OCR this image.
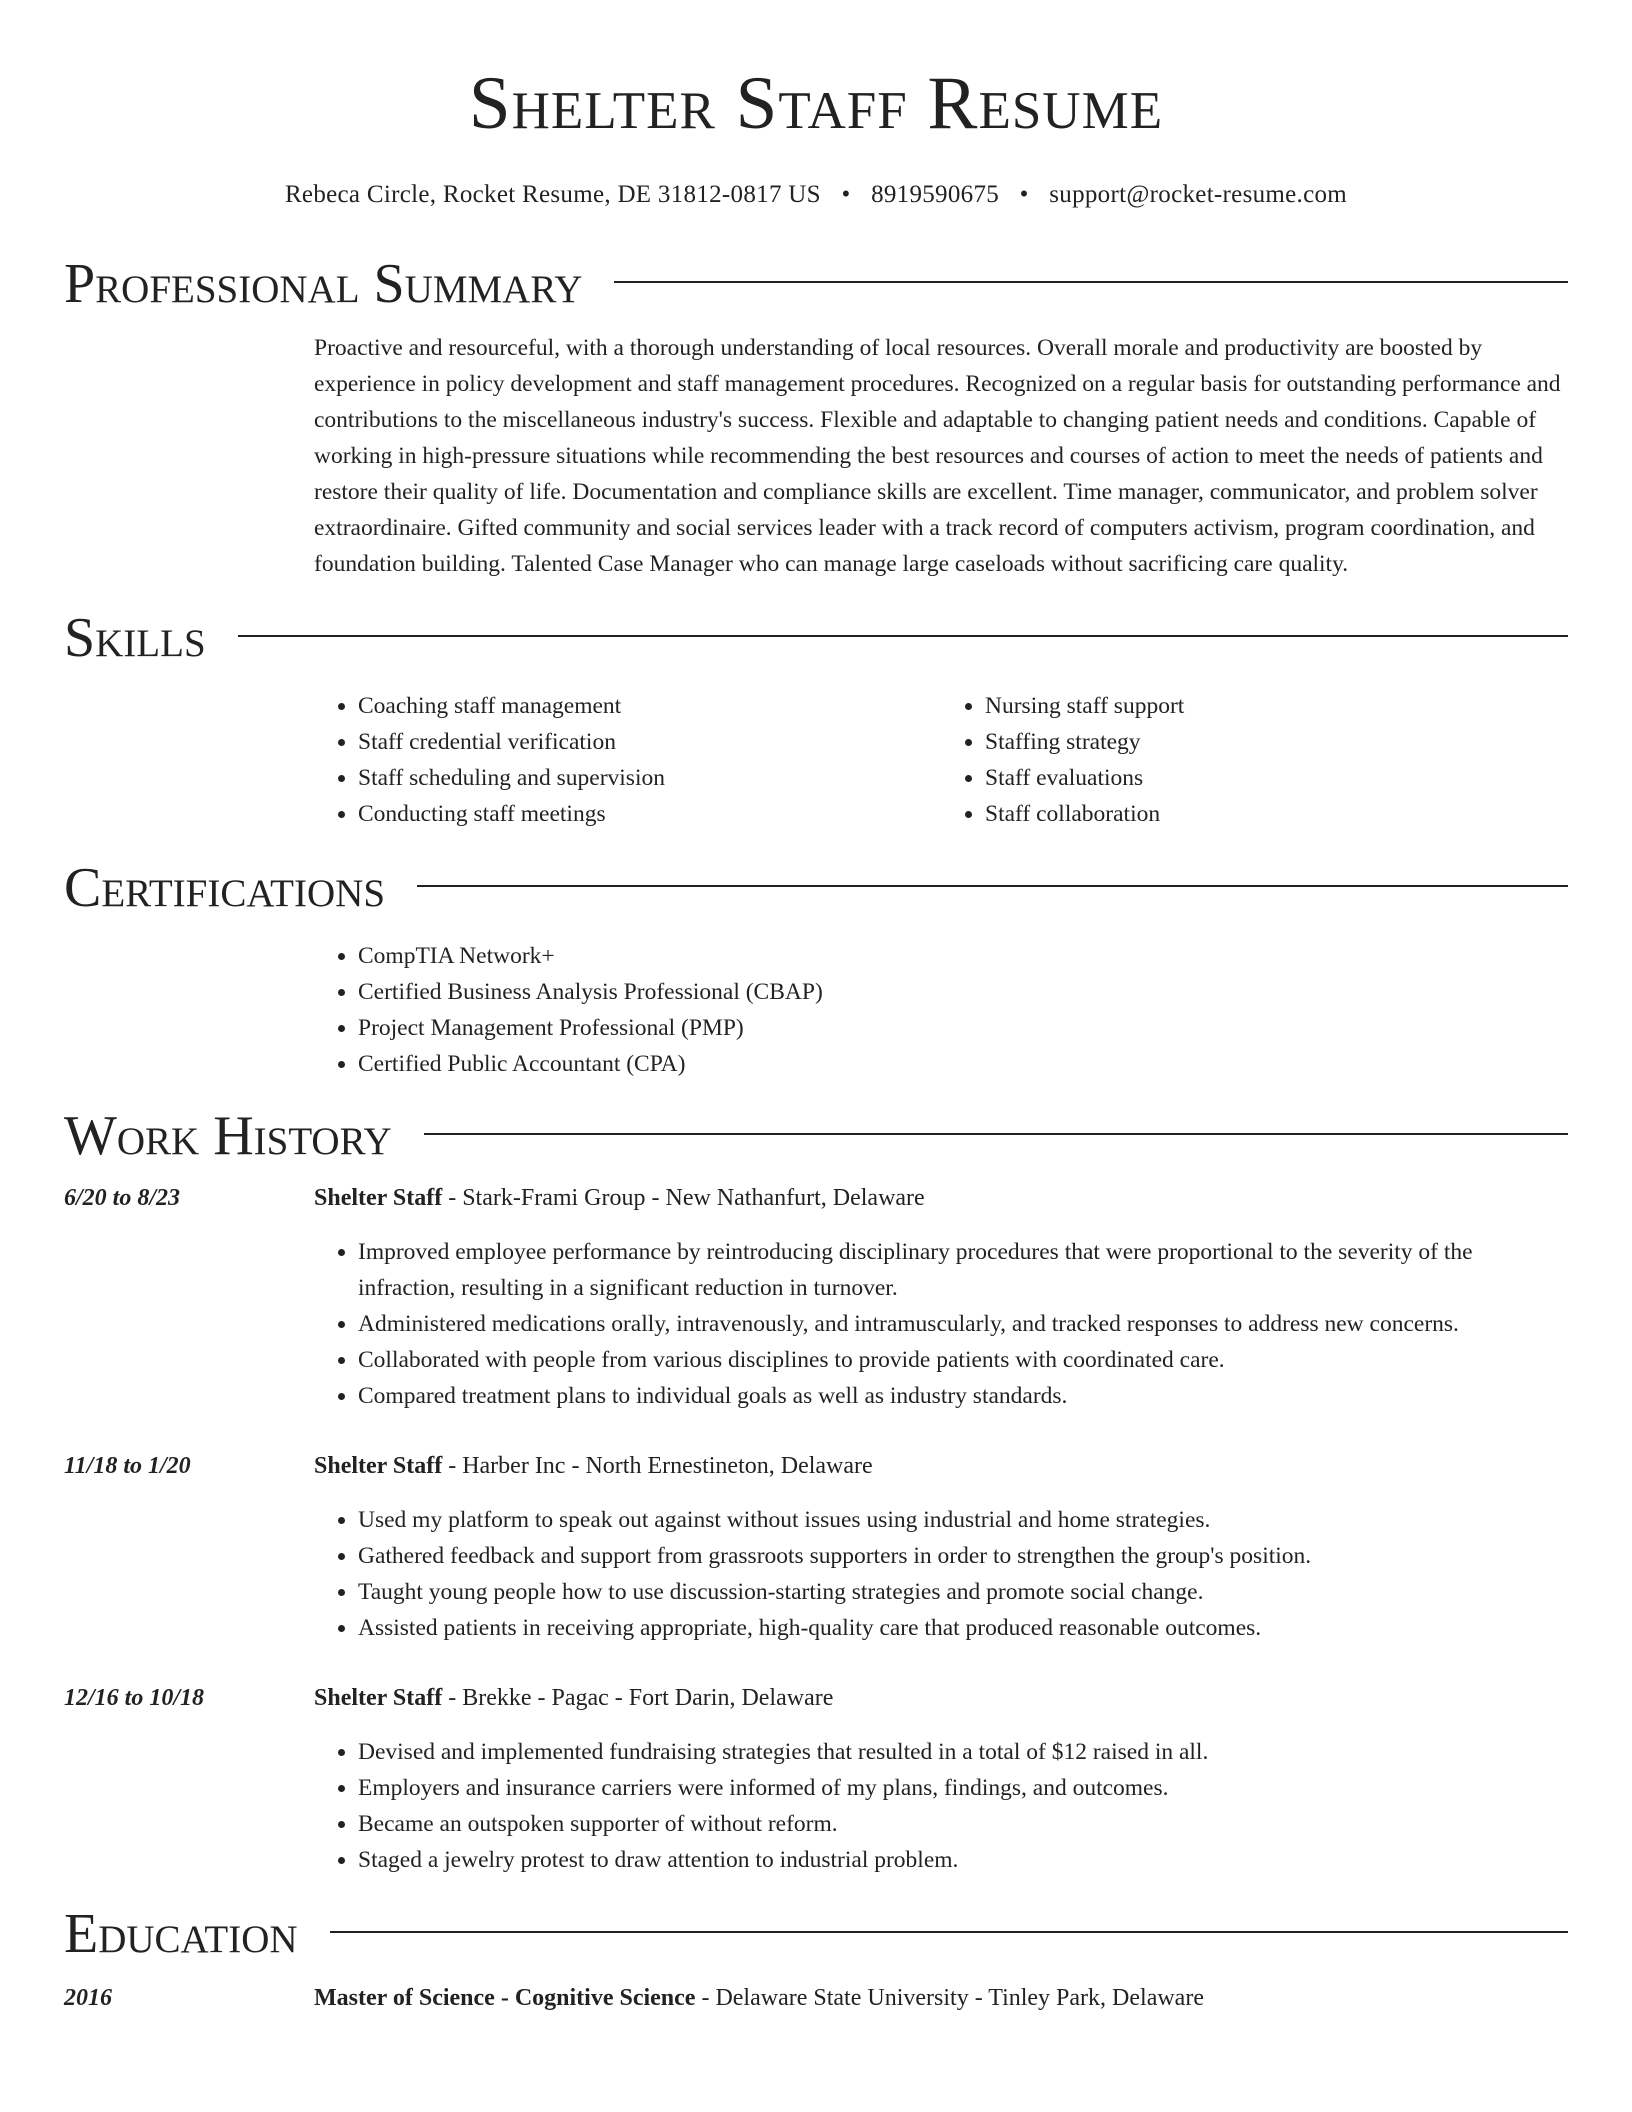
Shelter Staff Resume
Rebeca Circle, Rocket Resume, DE 31812-0817 US • 8919590675 • support@rocket-resume.com
Professional Summary

Proactive and resourceful, with a thorough understanding of local resources. Overall morale and productivity are boosted by experience in policy development and staff management procedures. Recognized on a regular basis for outstanding performance and contributions to the miscellaneous industry's success. Flexible and adaptable to changing patient needs and conditions. Capable of working in high-pressure situations while recommending the best resources and courses of action to meet the needs of patients and restore their quality of life. Documentation and compliance skills are excellent. Time manager, communicator, and problem solver extraordinaire. Gifted community and social services leader with a track record of computers activism, program coordination, and foundation building. Talented Case Manager who can manage large caseloads without sacrificing care quality.

Skills
• Coaching staff management
• Staff credential verification
• Staff scheduling and supervision
• Conducting staff meetings
• Nursing staff support
• Staffing strategy
• Staff evaluations
• Staff collaboration
Certifications
• CompTIA Network+
• Certified Business Analysis Professional (CBAP)
• Project Management Professional (PMP)
• Certified Public Accountant (CPA)
Work History
6/20 to 8/23	Shelter Staff - Stark-Frami Group - New Nathanfurt, Delaware
• Improved employee performance by reintroducing disciplinary procedures that were proportional to the severity of the infraction, resulting in a significant reduction in turnover.
• Administered medications orally, intravenously, and intramuscularly, and tracked responses to address new concerns.
• Collaborated with people from various disciplines to provide patients with coordinated care.
• Compared treatment plans to individual goals as well as industry standards.
11/18 to 1/20	Shelter Staff - Harber Inc - North Ernestineton, Delaware
• Used my platform to speak out against without issues using industrial and home strategies.
• Gathered feedback and support from grassroots supporters in order to strengthen the group's position.
• Taught young people how to use discussion-starting strategies and promote social change.
• Assisted patients in receiving appropriate, high-quality care that produced reasonable outcomes.
12/16 to 10/18	Shelter Staff - Brekke - Pagac - Fort Darin, Delaware
• Devised and implemented fundraising strategies that resulted in a total of $12 raised in all.
• Employers and insurance carriers were informed of my plans, findings, and outcomes.
• Became an outspoken supporter of without reform.
• Staged a jewelry protest to draw attention to industrial problem.
Education
2016	Master of Science - Cognitive Science - Delaware State University - Tinley Park, Delaware
